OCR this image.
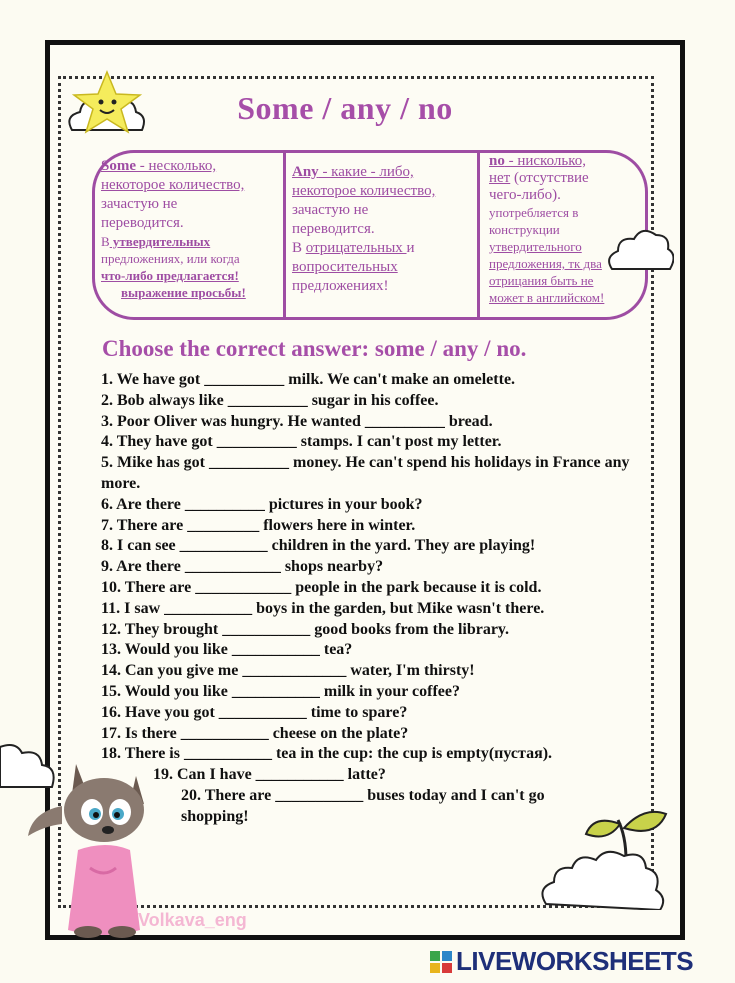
Some / any / no
Some - несколько,
некоторое количество,
зачастую не
переводится.
В утвердительных
предложениях, или когда
что-либо предлагается!
выражение просьбы!
Any - какие - либо,
некоторое количество,
зачастую не
переводится.
В отрицательных и
вопросительных
предложениях!
no - нисколько,
нет (отсутствие
чего-либо).
употребляется в
конструкции
утвердительного
предложения, тк два
отрицания быть не
может в английском!
Choose the correct answer: some / any / no.
1. We have got __________ milk. We can't make an omelette.
2. Bob always like __________ sugar in his coffee.
3. Poor Oliver was hungry. He wanted __________ bread.
4. They have got __________ stamps. I can't post my letter.
5. Mike has got __________ money. He can't spend his holidays in France any more.
6. Are there __________ pictures in your book?
7. There are _________ flowers here in winter.
8. I can see ___________ children in the yard. They are playing!
9. Are there ____________ shops nearby?
10. There are ____________ people in the park because it is cold.
11. I saw ___________ boys in the garden, but Mike wasn't there.
12. They brought ___________ good books from the library.
13. Would you like ___________ tea?
14. Can you give me _____________ water, I'm thirsty!
15. Would you like ___________ milk in your coffee?
16. Have you got ___________ time to spare?
17. Is there ___________ cheese on the plate?
18. There is ___________ tea in the cup: the cup is empty(пустая).
19. Can I have ___________ latte?
20. There are ___________ buses today and I can't go shopping!
Volkava_eng
LIVEWORKSHEETS
